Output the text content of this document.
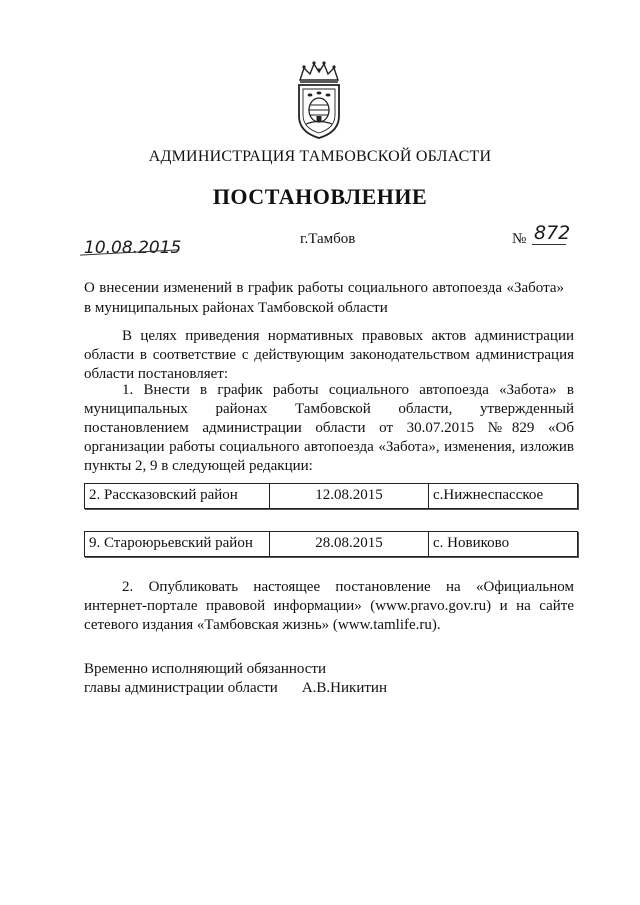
АДМИНИСТРАЦИЯ ТАМБОВСКОЙ ОБЛАСТИ
ПОСТАНОВЛЕНИЕ
10.08.2015	г.Тамбов	№ 872
О внесении изменений в график работы социального автопоезда «Забота» в муниципальных районах Тамбовской области
В целях приведения нормативных правовых актов администрации области в соответствие с действующим законодательством администрация области постановляет:
1. Внести в график работы социального автопоезда «Забота» в муниципальных районах Тамбовской области, утвержденный постановлением администрации области от 30.07.2015 №829 «Об организации работы социального автопоезда «Забота», изменения, изложив пункты 2, 9 в следующей редакции:
2. Рассказовский район	12.08.2015	с.Нижнеспасское
9. Староюрьевский район	28.08.2015	с. Новиково
2. Опубликовать настоящее постановление на «Официальном интернет-портале правовой информации» (www.pravo.gov.ru) и на сайте сетевого издания «Тамбовская жизнь» (www.tamlife.ru).
Временно исполняющий обязанности
главы администрации области А.В.Никитин
